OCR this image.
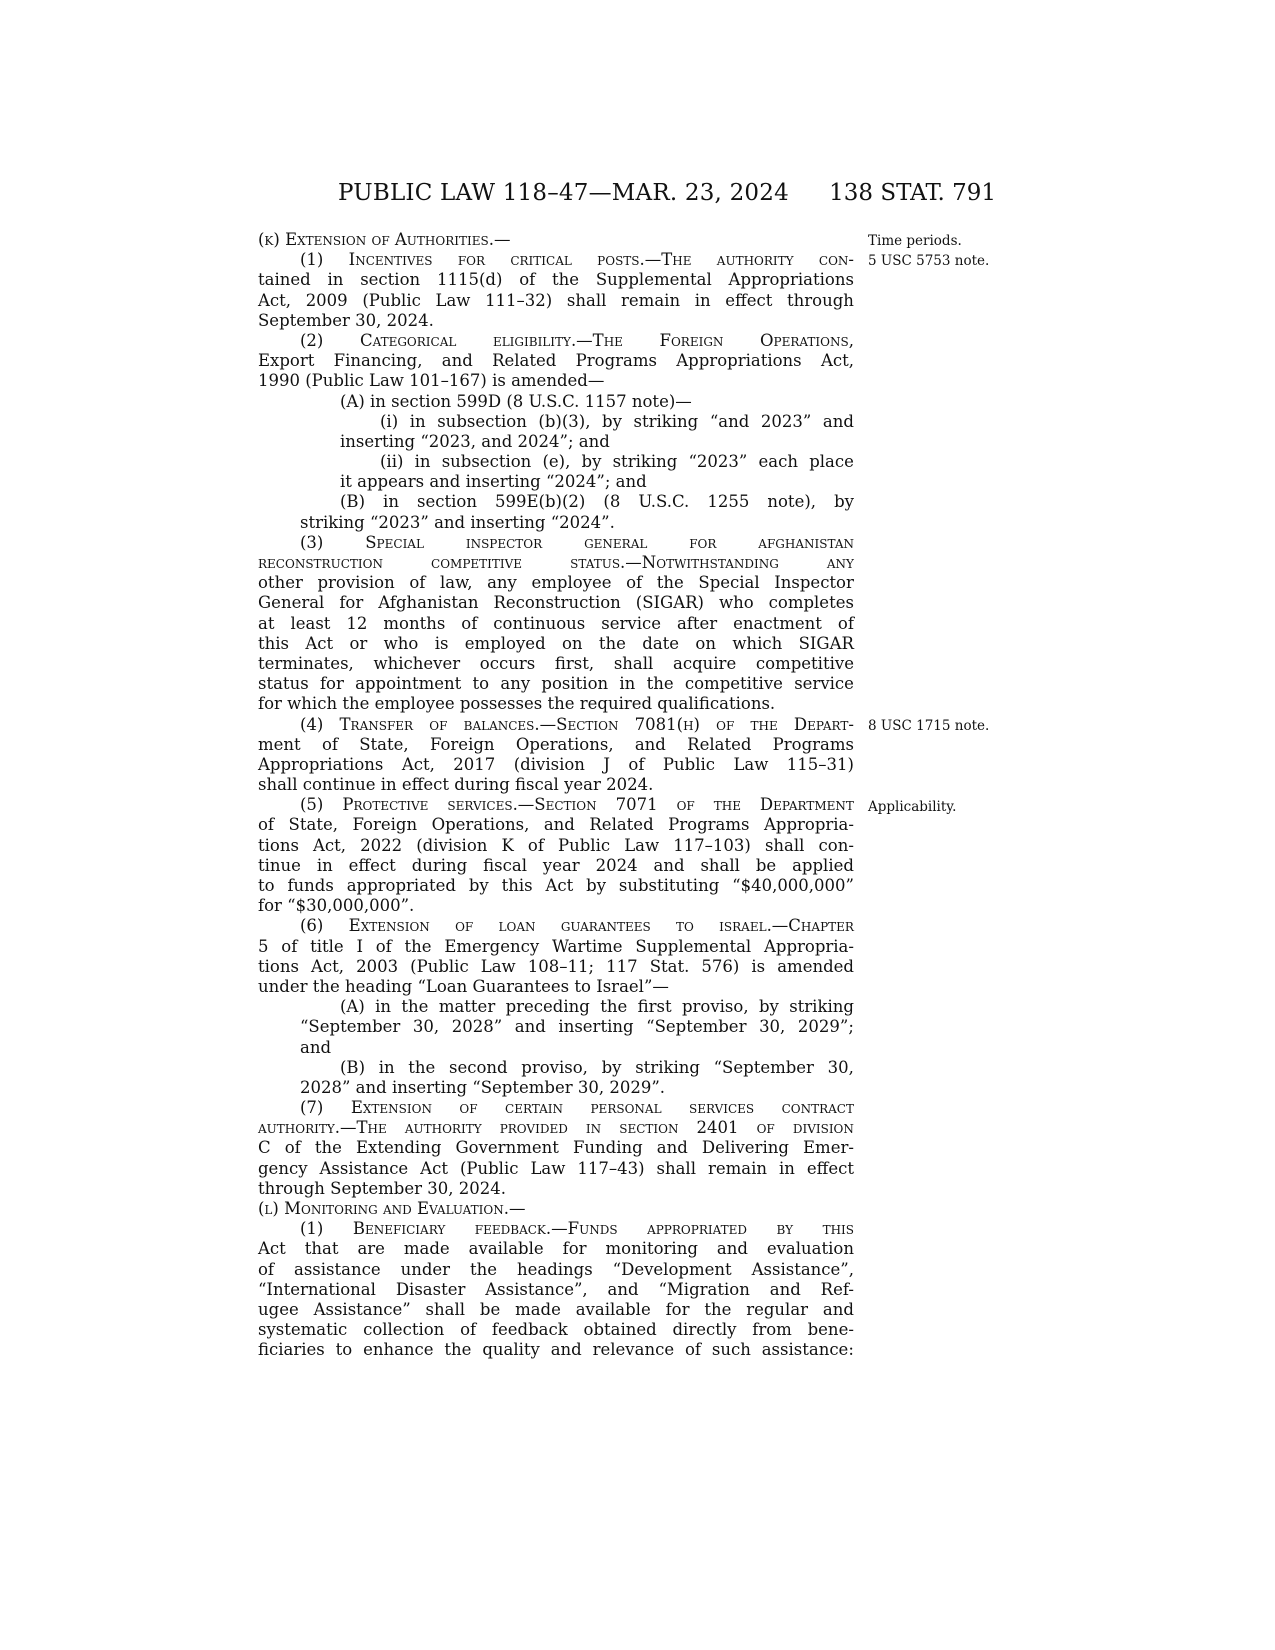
PUBLIC LAW 118–47—MAR. 23, 2024 138 STAT. 791
Time periods.
5 USC 5753 note.
8 USC 1715 note.
Applicability.
(k) Extension of Authorities.—
(1) Incentives for critical posts.—The authority con-
tained in section 1115(d) of the Supplemental Appropriations
Act, 2009 (Public Law 111–32) shall remain in effect through
September 30, 2024.
(2) Categorical eligibility.—The Foreign Operations,
Export Financing, and Related Programs Appropriations Act,
1990 (Public Law 101–167) is amended—
(A) in section 599D (8 U.S.C. 1157 note)—
(i) in subsection (b)(3), by striking “and 2023” and
inserting “2023, and 2024”; and
(ii) in subsection (e), by striking “2023” each place
it appears and inserting “2024”; and
(B) in section 599E(b)(2) (8 U.S.C. 1255 note), by
striking “2023” and inserting “2024”.
(3)	Special	inspector	general	for	afghanistan
reconstruction	competitive	status.—Notwithstanding	any
other provision of law, any employee of the Special Inspector
General for Afghanistan Reconstruction (SIGAR) who completes
at least 12 months of continuous service after enactment of
this Act or who is employed on the date on which SIGAR
terminates, whichever occurs first, shall acquire competitive
status for appointment to any position in the competitive service
for which the employee possesses the required qualifications.
(4) Transfer of balances.—Section 7081(h) of the Depart-
ment of State, Foreign Operations, and Related Programs
Appropriations Act, 2017 (division J of Public Law 115–31)
shall continue in effect during fiscal year 2024.
(5) Protective services.—Section 7071 of the Department
of State, Foreign Operations, and Related Programs Appropria-
tions Act, 2022 (division K of Public Law 117–103) shall con-
tinue in effect during fiscal year 2024 and shall be applied
to funds appropriated by this Act by substituting “$40,000,000”
for “$30,000,000”.
(6) Extension of loan guarantees to israel.—Chapter
5 of title I of the Emergency Wartime Supplemental Appropria-
tions Act, 2003 (Public Law 108–11; 117 Stat. 576) is amended
under the heading “Loan Guarantees to Israel”—
(A) in the matter preceding the first proviso, by striking
“September 30, 2028” and inserting “September 30, 2029”;
and
(B) in the second proviso, by striking “September 30,
2028” and inserting “September 30, 2029”.
(7) Extension of certain personal services contract
authority.—The authority provided in section 2401 of division
C of the Extending Government Funding and Delivering Emer-
gency Assistance Act (Public Law 117–43) shall remain in effect
through September 30, 2024.
(l) Monitoring and Evaluation.—
(1) Beneficiary feedback.—Funds appropriated by this
Act that are made available for monitoring and evaluation
of assistance under the headings “Development Assistance”,
“International Disaster Assistance”, and “Migration and Ref-
ugee Assistance” shall be made available for the regular and
systematic collection of feedback obtained directly from bene-
ficiaries to enhance the quality and relevance of such assistance:
